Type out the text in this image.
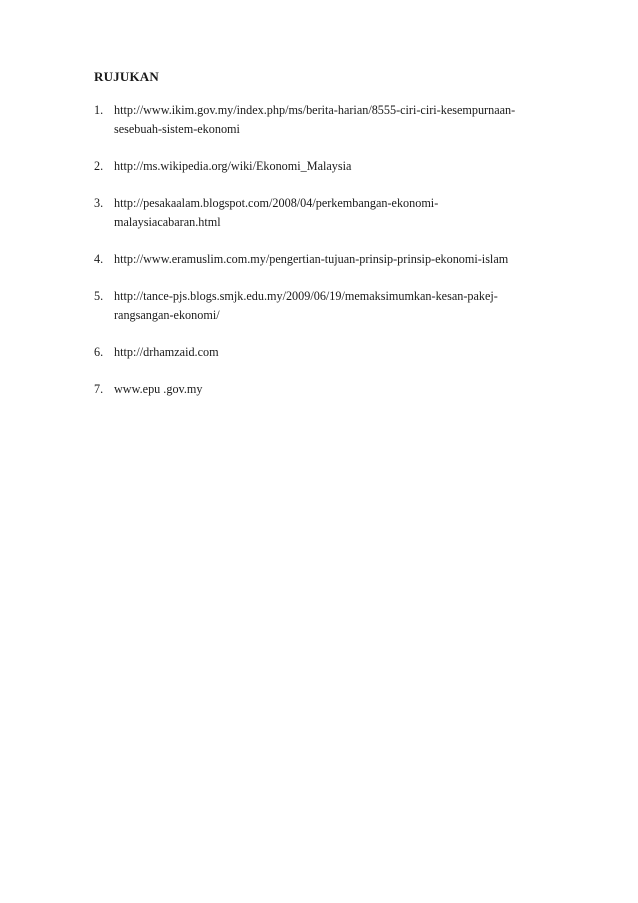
RUJUKAN
1. http://www.ikim.gov.my/index.php/ms/berita-harian/8555-ciri-ciri-kesempurnaan-
sesebuah-sistem-ekonomi
2. http://ms.wikipedia.org/wiki/Ekonomi_Malaysia
3. http://pesakaalam.blogspot.com/2008/04/perkembangan-ekonomi-
malaysiacabaran.html
4. http://www.eramuslim.com.my/pengertian-tujuan-prinsip-prinsip-ekonomi-islam
5. http://tance-pjs.blogs.smjk.edu.my/2009/06/19/memaksimumkan-kesan-pakej-
rangsangan-ekonomi/
6. http://drhamzaid.com
7. www.epu .gov.my
